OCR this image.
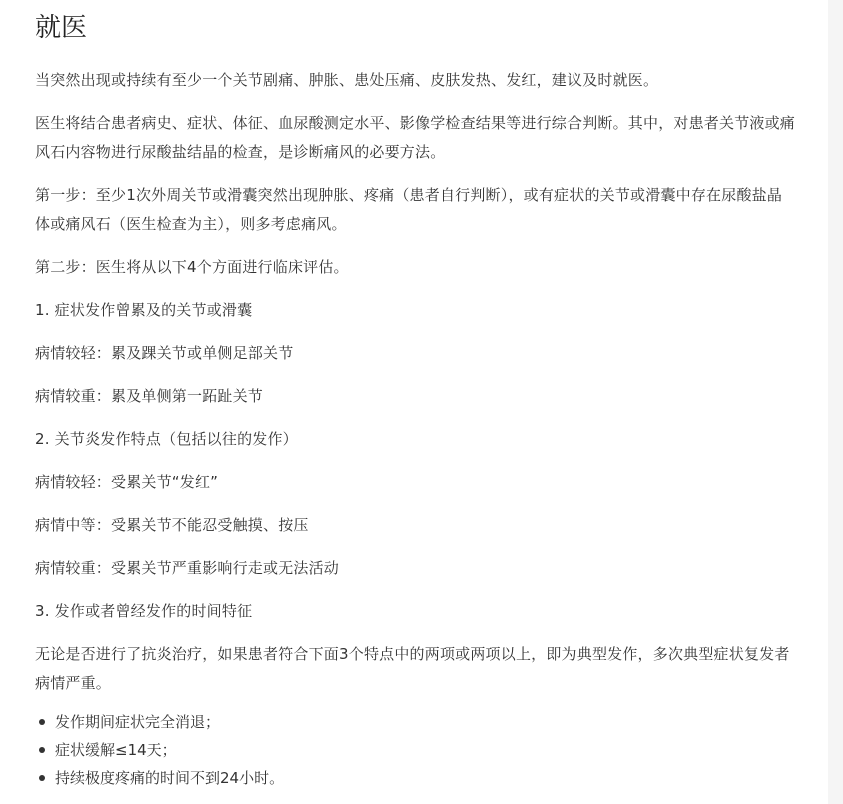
就医

当突然出现或持续有至少一个关节剧痛、肿胀、患处压痛、皮肤发热、发红，建议及时就医。

医生将结合患者病史、症状、体征、血尿酸测定水平、影像学检查结果等进行综合判断。其中，对患者关节液或痛风石内容物进行尿酸盐结晶的检查，是诊断痛风的必要方法。

第一步：至少1次外周关节或滑囊突然出现肿胀、疼痛（患者自行判断），或有症状的关节或滑囊中存在尿酸盐晶体或痛风石（医生检查为主），则多考虑痛风。

第二步：医生将从以下4个方面进行临床评估。

1. 症状发作曾累及的关节或滑囊

病情较轻：累及踝关节或单侧足部关节

病情较重：累及单侧第一跖趾关节

2. 关节炎发作特点（包括以往的发作）

病情较轻：受累关节“发红”

病情中等：受累关节不能忍受触摸、按压

病情较重：受累关节严重影响行走或无法活动

3. 发作或者曾经发作的时间特征

无论是否进行了抗炎治疗，如果患者符合下面3个特点中的两项或两项以上，即为典型发作，多次典型症状复发者病情严重。

发作期间症状完全消退；
症状缓解≤14天；
持续极度疼痛的时间不到24小时。
